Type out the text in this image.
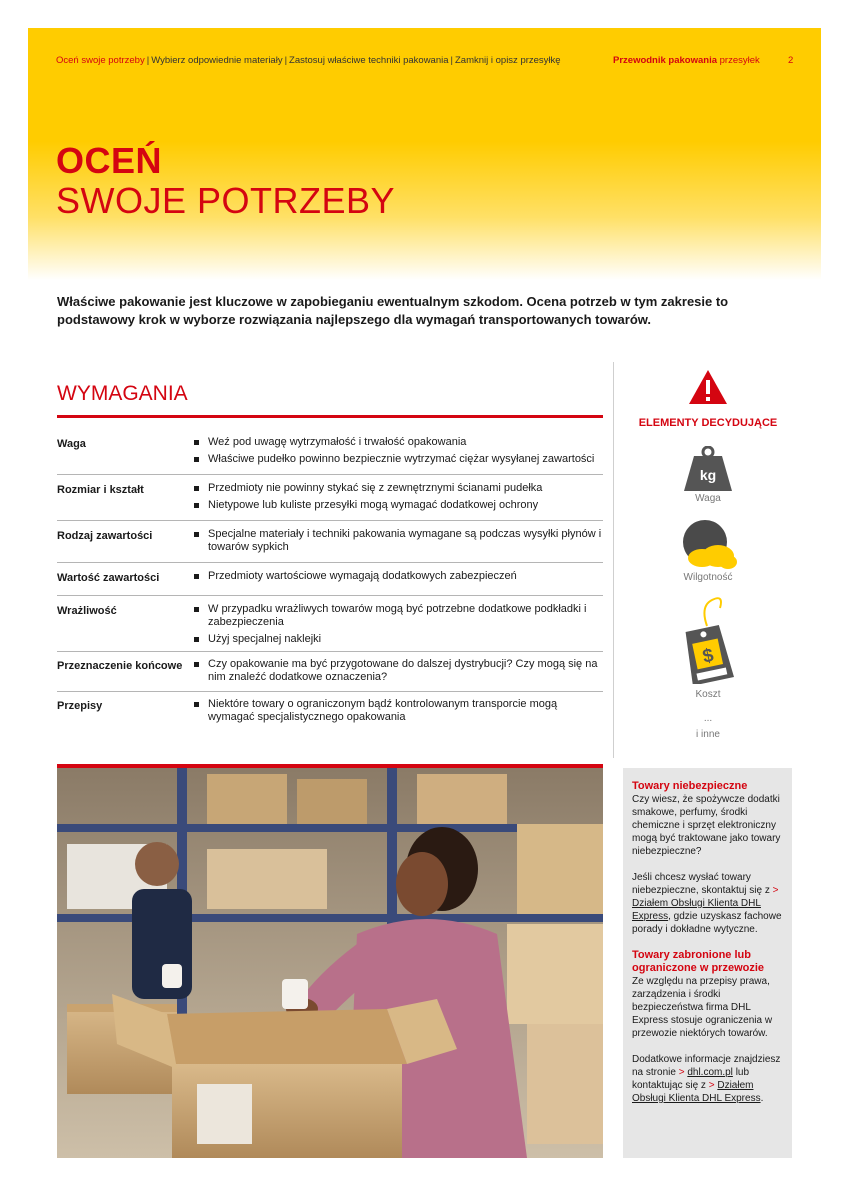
Oceń swoje potrzeby | Wybierz odpowiednie materiały | Zastosuj właściwe techniki pakowania | Zamknij i opisz przesyłkę	Przewodnik pakowania przesyłek	2
OCEŃ
SWOJE POTRZEBY
Właściwe pakowanie jest kluczowe w zapobieganiu ewentualnym szkodom. Ocena potrzeb w tym zakresie to podstawowy krok w wyborze rozwiązania najlepszego dla wymagań transportowanych towarów.
WYMAGANIA
Waga	Weź pod uwagę wytrzymałość i trwałość opakowania
Właściwe pudełko powinno bezpiecznie wytrzymać ciężar wysyłanej zawartości
Rozmiar i kształt	Przedmioty nie powinny stykać się z zewnętrznymi ścianami pudełka
Nietypowe lub kuliste przesyłki mogą wymagać dodatkowej ochrony
Rodzaj zawartości	Specjalne materiały i techniki pakowania wymagane są podczas wysyłki płynów i towarów sypkich
Wartość zawartości	Przedmioty wartościowe wymagają dodatkowych zabezpieczeń
Wrażliwość	W przypadku wrażliwych towarów mogą być potrzebne dodatkowe podkładki i zabezpieczenia
Użyj specjalnej naklejki
Przeznaczenie końcowe	Czy opakowanie ma być przygotowane do dalszej dystrybucji? Czy mogą się na nim znaleźć dodatkowe oznaczenia?
Przepisy	Niektóre towary o ograniczonym bądź kontrolowanym transporcie mogą wymagać specjalistycznego opakowania
ELEMENTY DECYDUJĄCE
kg
Waga
Wilgotność
$
Koszt
...
i inne
Towary niebezpieczne

Czy wiesz, że spożywcze dodatki smakowe, perfumy, środki chemiczne i sprzęt elektroniczny mogą być traktowane jako towary niebezpieczne?

Jeśli chcesz wysłać towary niebezpieczne, skontaktuj się z > Działem Obsługi Klienta DHL Express, gdzie uzyskasz fachowe porady i dokładne wytyczne.

Towary zabronione lub ograniczone w przewozie

Ze względu na przepisy prawa, zarządzenia i środki bezpieczeństwa firma DHL Express stosuje ograniczenia w przewozie niektórych towarów.

Dodatkowe informacje znajdziesz na stronie > dhl.com.pl lub kontaktując się z > Działem Obsługi Klienta DHL Express.
